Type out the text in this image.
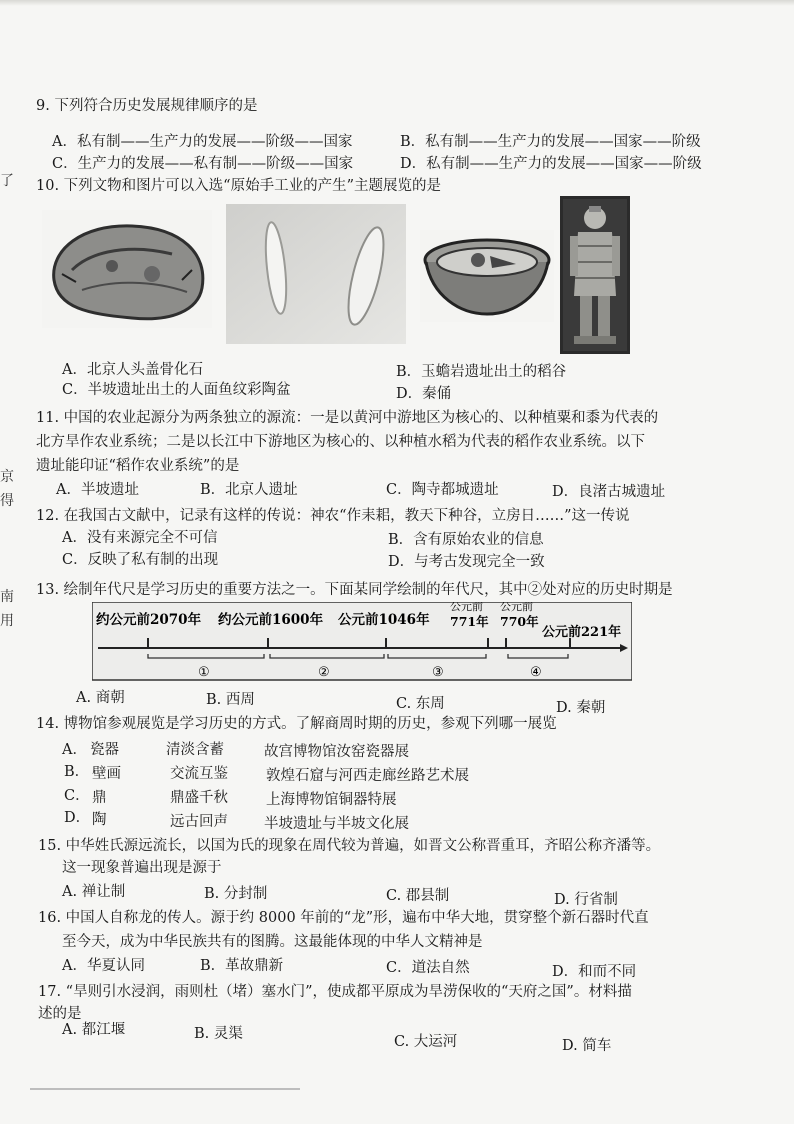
了
京
得
南
用
9. 下列符合历史发展规律顺序的是
A．私有制——生产力的发展——阶级——国家	B．私有制——生产力的发展——国家——阶级
C．生产力的发展——私有制——阶级——国家	D．私有制——生产力的发展——国家——阶级
10. 下列文物和图片可以入选“原始手工业的产生”主题展览的是
A．北京人头盖骨化石	B．玉蟾岩遗址出土的稻谷
C．半坡遗址出土的人面鱼纹彩陶盆	D．秦俑
11. 中国的农业起源分为两条独立的源流：一是以黄河中游地区为核心的、以种植粟和黍为代表的
北方旱作农业系统；二是以长江中下游地区为核心的、以种植水稻为代表的稻作农业系统。以下
遗址能印证“稻作农业系统”的是
A．半坡遗址	B．北京人遗址	C．陶寺都城遗址	D．良渚古城遗址
12. 在我国古文献中，记录有这样的传说：神农“作耒耜，教天下种谷，立房日……”这一传说
A．没有来源完全不可信	B．含有原始农业的信息
C．反映了私有制的出现	D．与考古发现完全一致
13. 绘制年代尺是学习历史的重要方法之一。下面某同学绘制的年代尺，其中②处对应的历史时期是
约公元前2070年 约公元前1600年 公元前1046年
公元前
771年
公元前
770年
公元前221年
①	②	③	④
A. 商朝	B. 西周	C. 东周	D. 秦朝
14. 博物馆参观展览是学习历史的方式。了解商周时期的历史，参观下列哪一展览
A． 瓷器	清淡含蓄	故宫博物馆汝窑瓷器展
B． 壁画	交流互鉴	敦煌石窟与河西走廊丝路艺术展
C． 鼎	鼎盛千秋	上海博物馆铜器特展
D． 陶	远古回声 半坡遗址与半坡文化展
15. 中华姓氏源远流长，以国为氏的现象在周代较为普遍，如晋文公称晋重耳，齐昭公称齐潘等。
这一现象普遍出现是源于
A. 禅让制	B. 分封制	C. 郡县制	D. 行省制
16. 中国人自称龙的传人。源于约 8000 年前的“龙”形，遍布中华大地，贯穿整个新石器时代直
至今天，成为中华民族共有的图腾。这最能体现的中华人文精神是
A．华夏认同	B．革故鼎新	C．道法自然	D．和而不同
17. “旱则引水浸润，雨则杜（堵）塞水门”，使成都平原成为旱涝保收的“天府之国”。材料描
述的是
A. 都江堰	B. 灵渠	C. 大运河	D. 简车
